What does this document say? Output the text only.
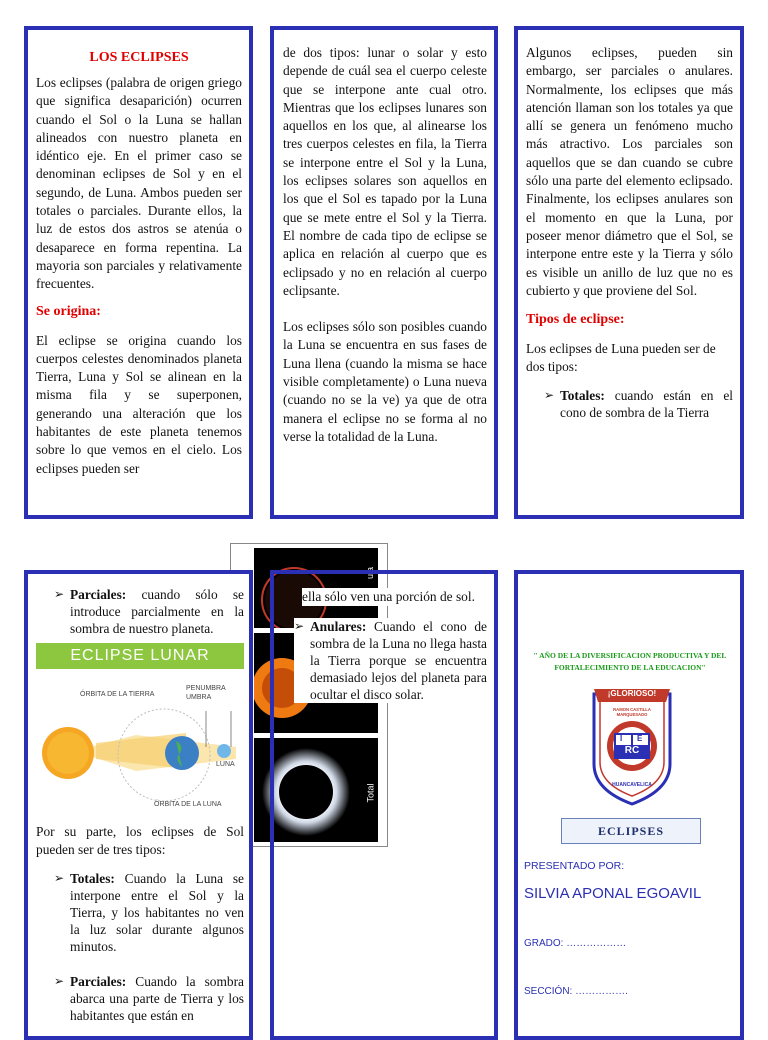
LOS ECLIPSES

Los eclipses (palabra de origen griego que significa desaparición) ocurren cuando el Sol o la Luna se hallan alineados con nuestro planeta en idéntico eje. En el primer caso se denominan eclipses de Sol y en el segundo, de Luna. Ambos pueden ser totales o parciales. Durante ellos, la luz de estos dos astros se atenúa o desaparece en forma repentina. La mayoria son parciales y relativamente frecuentes.

Se origina:

El eclipse se origina cuando los cuerpos celestes denominados planeta Tierra, Luna y Sol se alinean en la misma fila y se superponen, generando una alteración que los habitantes de este planeta tenemos sobre lo que vemos en el cielo. Los eclipses pueden ser

de dos tipos: lunar o solar y esto depende de cuál sea el cuerpo celeste que se interpone ante cual otro. Mientras que los eclipses lunares son aquellos en los que, al alinearse los tres cuerpos celestes en fila, la Tierra se interpone entre el Sol y la Luna, los eclipses solares son aquellos en los que el Sol es tapado por la Luna que se mete entre el Sol y la Tierra. El nombre de cada tipo de eclipse se aplica en relación al cuerpo que es eclipsado y no en relación al cuerpo eclipsante.

Los eclipses sólo son posibles cuando la Luna se encuentra en sus fases de Luna llena (cuando la misma se hace visible completamente) o Luna nueva (cuando no se la ve) ya que de otra manera el eclipse no se forma al no verse la totalidad de la Luna.

Algunos eclipses, pueden sin embargo, ser parciales o anulares. Normalmente, los eclipses que más atención llaman son los totales ya que allí se genera un fenómeno mucho más atractivo. Los parciales son aquellos que se dan cuando se cubre sólo una parte del elemento eclipsado. Finalmente, los eclipses anulares son el momento en que la Luna, por poseer menor diámetro que el Sol, se interpone entre este y la Tierra y sólo es visible un anillo de luz que no es cubierto y que proviene del Sol.

Tipos de eclipse:

Los eclipses de Luna pueden ser de dos tipos:

➢ Totales: cuando están en el cono de sombra de la Tierra
ula
Total
➢ Parciales: cuando sólo se introduce parcialmente en la sombra de nuestro planeta.
ECLIPSE LUNAR
ÓRBITA DE LA TIERRA
PENUMBRA
UMBRA
LUNA
ÓRBITA DE LA LUNA

Por su parte, los eclipses de Sol pueden ser de tres tipos:

➢ Totales: Cuando la Luna se interpone entre el Sol y la Tierra, y los habitantes no ven la luz solar durante algunos minutos.
➢ Parciales: Cuando la sombra abarca una parte de Tierra y los habitantes que están en

ella sólo ven una porción de sol.

➢ Anulares: Cuando el cono de sombra de la Luna no llega hasta la Tierra porque se encuentra demasiado lejos del planeta para ocultar el disco solar.
" AÑO DE LA DIVERSIFICACION PRODUCTIVA Y DEL
FORTALECIMIENTO DE LA EDUCACION"
¡GLORIOSO!
RAMON CASTILLA MARQUESADO
I E
RC
HUANCAVELICA
ECLIPSES
PRESENTADO POR:
SILVIA APONAL EGOAVIL
GRADO: ………………
SECCIÓN: …………….
